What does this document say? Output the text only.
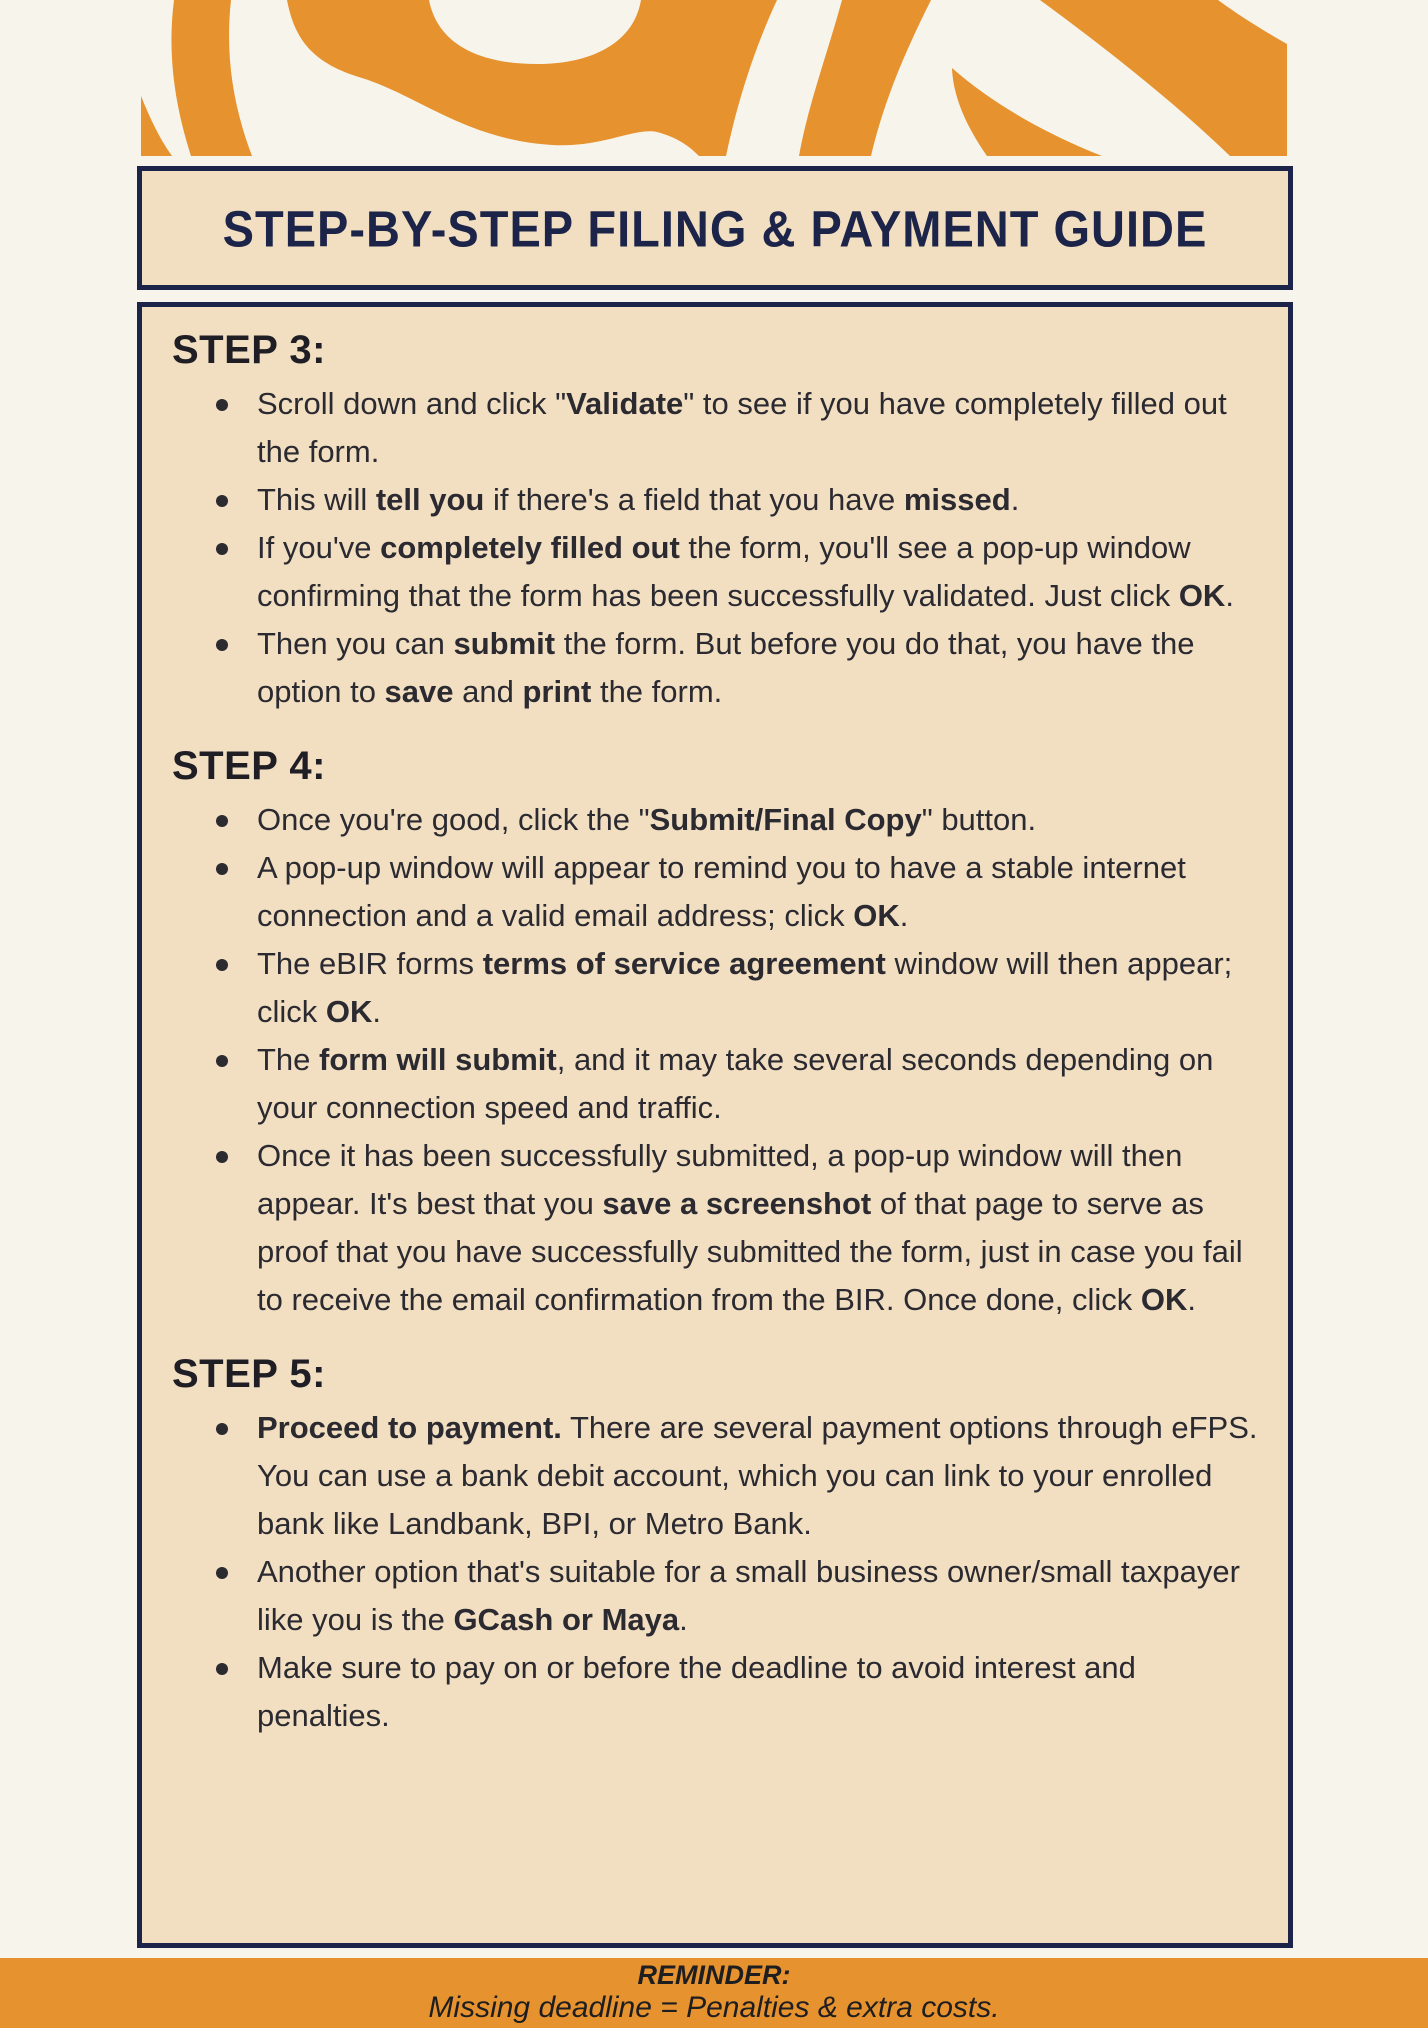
STEP-BY-STEP FILING & PAYMENT GUIDE
STEP 3:
Scroll down and click "Validate" to see if you have completely filled out the form.
This will tell you if there's a field that you have missed.
If you've completely filled out the form, you'll see a pop-up window confirming that the form has been successfully validated. Just click OK.
Then you can submit the form. But before you do that, you have the option to save and print the form.
STEP 4:
Once you're good, click the "Submit/Final Copy" button.
A pop-up window will appear to remind you to have a stable internet connection and a valid email address; click OK.
The eBIR forms terms of service agreement window will then appear; click OK.
The form will submit, and it may take several seconds depending on your connection speed and traffic.
Once it has been successfully submitted, a pop-up window will then appear. It's best that you save a screenshot of that page to serve as proof that you have successfully submitted the form, just in case you fail to receive the email confirmation from the BIR. Once done, click OK.
STEP 5:
Proceed to payment. There are several payment options through eFPS. You can use a bank debit account, which you can link to your enrolled bank like Landbank, BPI, or Metro Bank.
Another option that's suitable for a small business owner/small taxpayer like you is the GCash or Maya.
Make sure to pay on or before the deadline to avoid interest and penalties.
REMINDER:
Missing deadline = Penalties & extra costs.
